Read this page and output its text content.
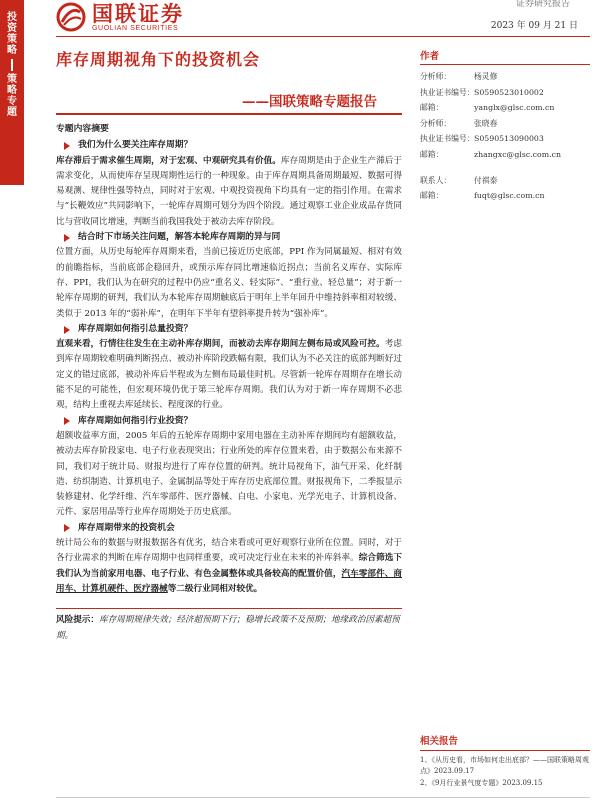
投
资
策
略
策
略
专
题
国联证券
GUOLIAN SECURITIES
证券研究报告
2023 年 09 月 21 日
库存周期视角下的投资机会
——国联策略专题报告
专题内容摘要
我们为什么要关注库存周期？
库存滞后于需求催生周期，对于宏观、中观研究具有价值。库存周期是由于企业生产滞后于需求变化，从而使库存呈现周期性运行的一种现象。由于库存周期具备周期最短、数据可得易观测、规律性强等特点，同时对于宏观、中观投资视角下均具有一定的指引作用。在需求与“长鞭效应”共同影响下，一轮库存周期可划分为四个阶段。通过观察工业企业成品存货同比与营收同比增速，判断当前我国我处于被动去库存阶段。
结合时下市场关注问题，解答本轮库存周期的异与同
位置方面，从历史每轮库存周期来看，当前已接近历史底部，PPI 作为同属最短、相对有效的前瞻指标，当前底部企稳回升，或预示库存同比增速临近拐点；当前名义库存、实际库存、PPI，我们认为在研究的过程中仍应“重名义、轻实际”、“重行业、轻总量”；对于新一轮库存周期的研判，我们认为本轮库存周期触底后于明年上半年回升中维持斜率相对较缓、类似于 2013 年的“弱补库”，在明年下半年有望斜率提升转为“强补库”。
库存周期如何指引总量投资？
直观来看，行情往往发生在主动补库存期间，而被动去库存期间左侧布局或风险可控。考虑到库存周期较难明确判断拐点、被动补库阶段跌幅有限，我们认为不必关注的底部判断好过定义的错过底部，被动补库后半程或为左侧布局最佳时机。尽管新一轮库存周期存在增长动能不足的可能性，但宏观环境仍优于第三轮库存周期。我们认为对于新一库存周期不必悲观，结构上重视去库延续长、程度深的行业。
库存周期如何指引行业投资？
超额收益率方面，2005 年后的五轮库存周期中家用电器在主动补库存期间均有超额收益，被动去库存阶段家电、电子行业表现突出；行业所处的库存位置来看，由于数据公布来源不同，我们对于统计局、财报均进行了库存位置的研判。统计局视角下，油气开采、化纤制造、纺织制造、计算机电子、金属制品等处于库存历史底部位置。财报视角下，二季报显示装修建材、化学纤维、汽车零部件、医疗器械、白电、小家电、光学光电子、计算机设备、元件、家居用品等行业库存周期处于历史底部。
库存周期带来的投资机会
统计局公布的数据与财报数据各有优劣，结合来看或可更好观察行业所在位置。同时，对于各行业需求的判断在库存周期中也同样重要，或可决定行业在未来的补库斜率。综合筛选下我们认为当前家用电器、电子行业、有色金属整体或具备较高的配置价值，汽车零部件、商用车、计算机硬件、医疗器械等二级行业同相对较优。
风险提示：库存周期规律失效；经济超预期下行；稳增长政策不及预期；地缘政治因素超预期。
作者
分析师：	杨灵修
执业证书编号：S0590523010002
邮箱：	yanglx@glsc.com.cn
分析师：	张晓春
执业证书编号：S0590513090003
邮箱：	zhangxc@glsc.com.cn
联系人：	付祺泰
邮箱：	fuqt@glsc.com.cn
相关报告
1、《从历史看，市场如何走出底部？——国联策略周观点》2023.09.17
2、《9月行业景气度专题》2023.09.15
